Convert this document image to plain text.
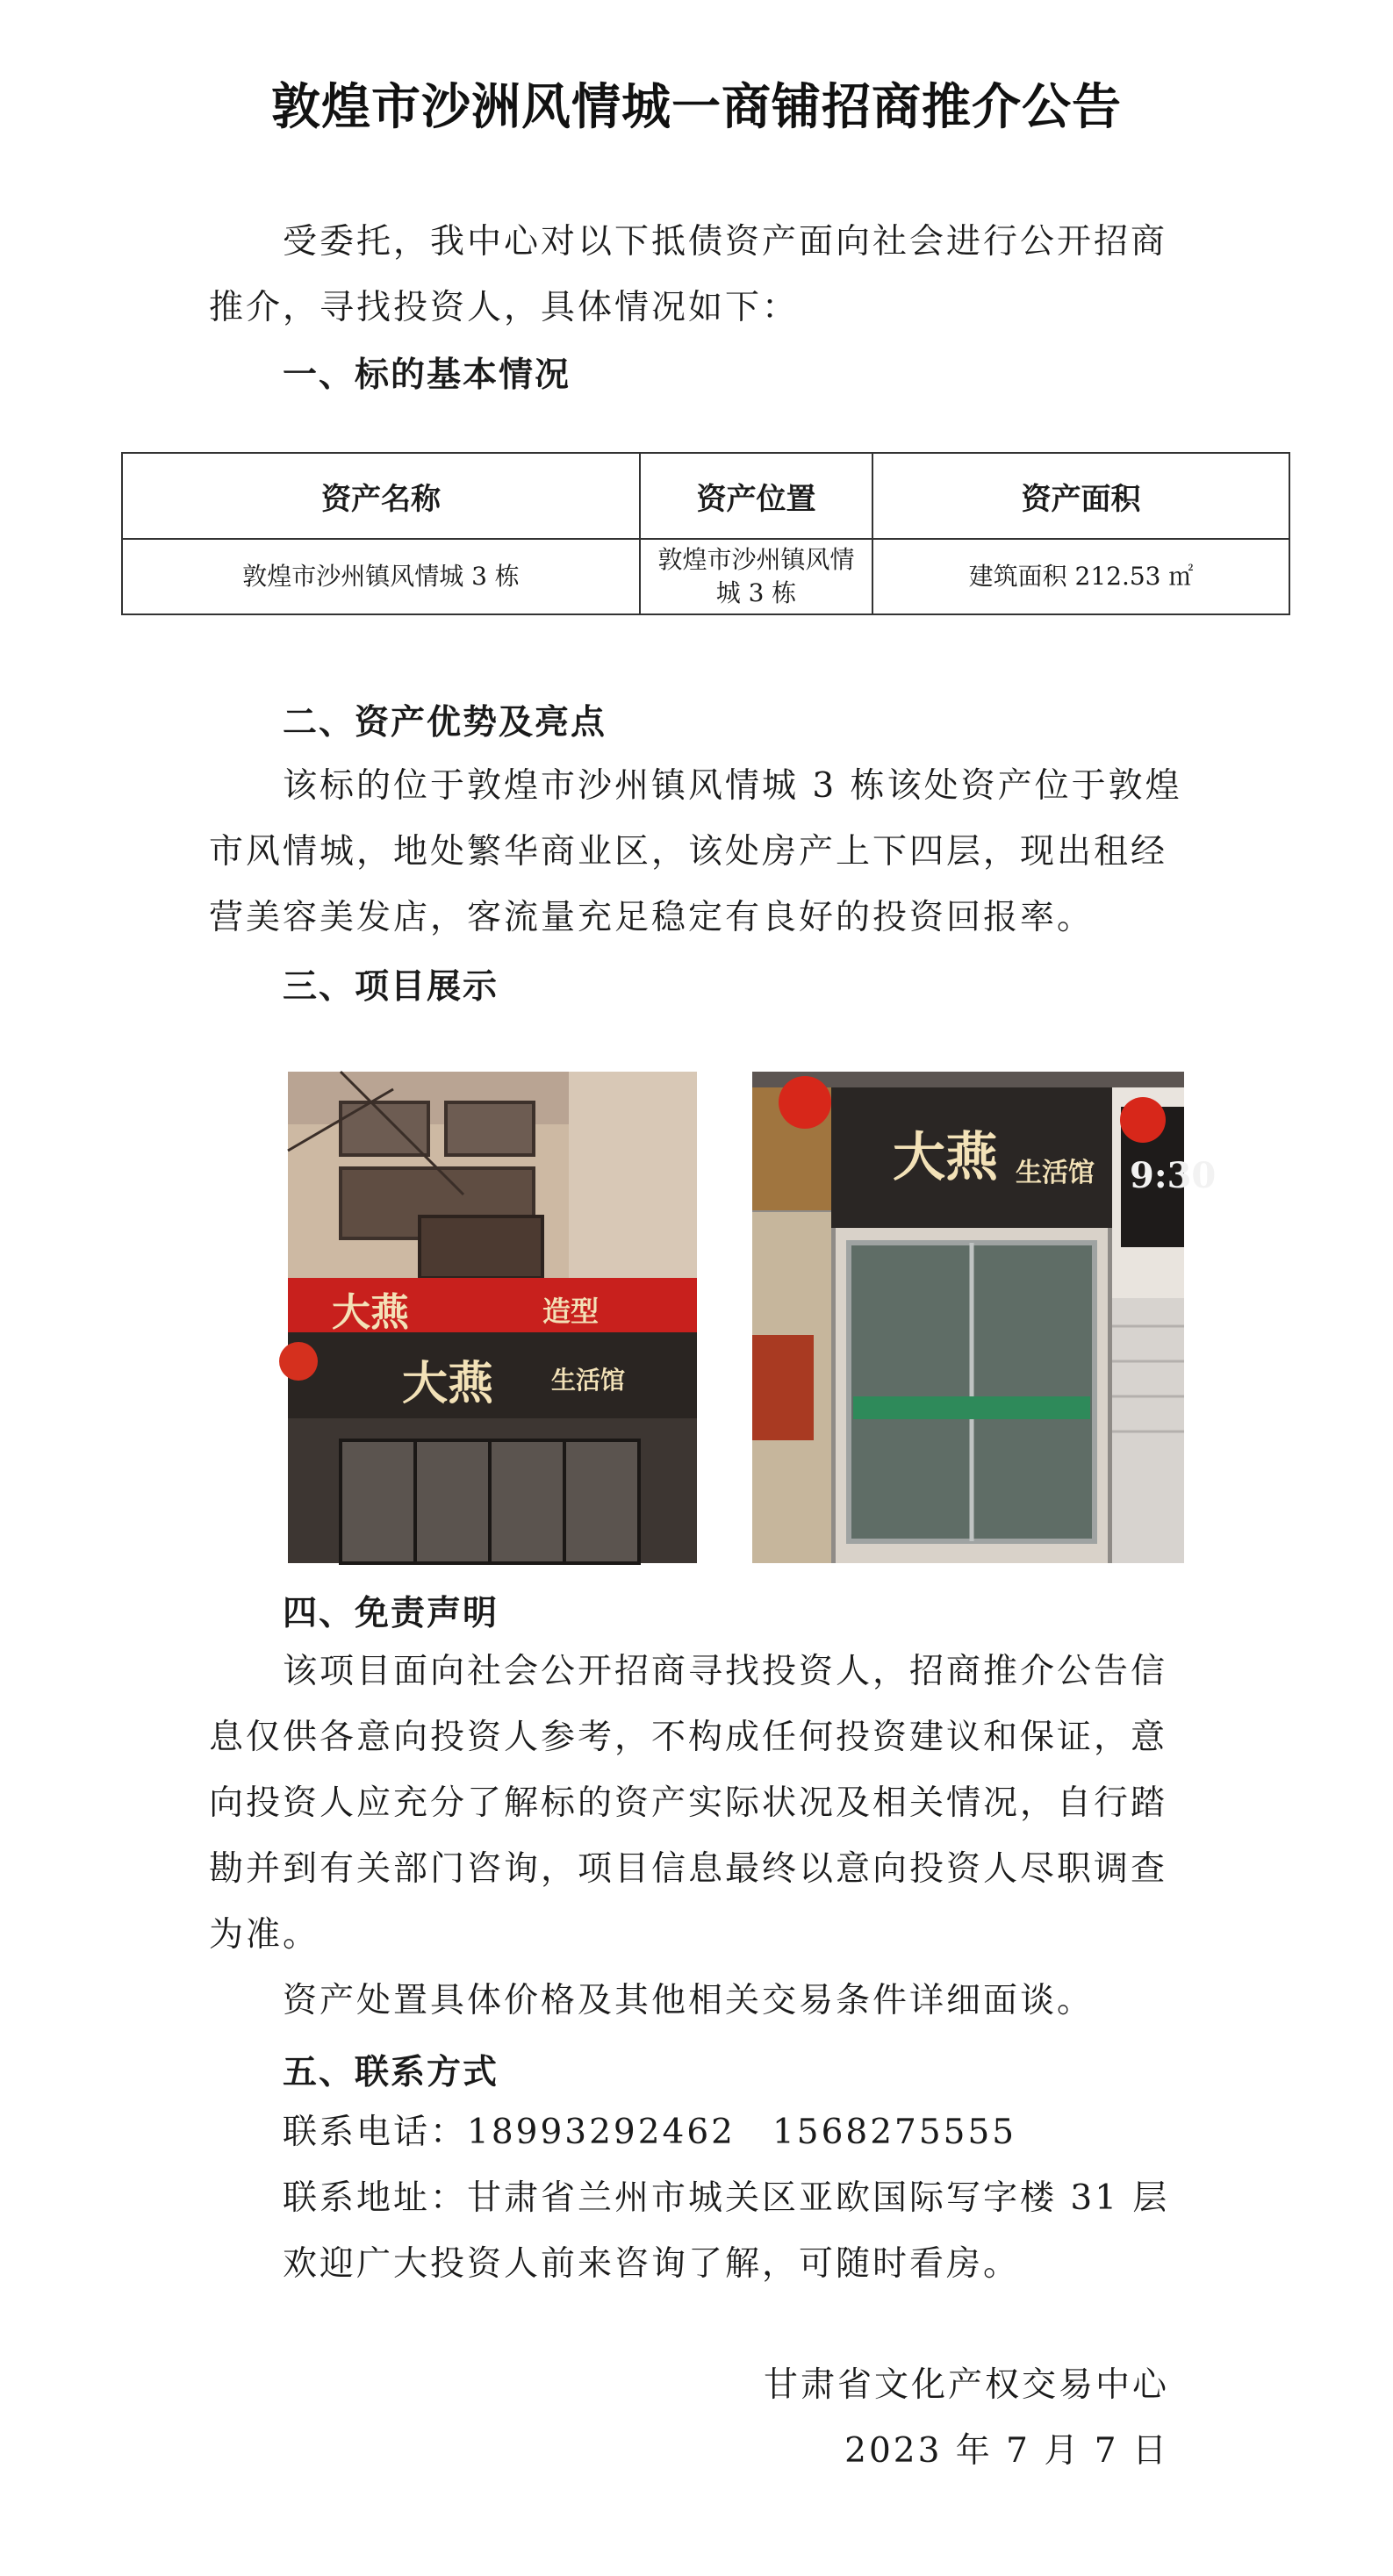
敦煌市沙洲风情城一商铺招商推介公告
受委托，我中心对以下抵债资产面向社会进行公开招商
推介，寻找投资人，具体情况如下：
一、标的基本情况
资产名称	资产位置	资产面积
敦煌市沙州镇风情城 3 栋	敦煌市沙州镇风情城 3 栋	建筑面积 212.53 ㎡
二、资产优势及亮点
该标的位于敦煌市沙州镇风情城 3 栋该处资产位于敦煌
市风情城，地处繁华商业区，该处房产上下四层，现出租经
营美容美发店，客流量充足稳定有良好的投资回报率。
三、项目展示
大燕	造型
大燕 生活馆
大燕 生活馆 9:30
四、免责声明
该项目面向社会公开招商寻找投资人，招商推介公告信
息仅供各意向投资人参考，不构成任何投资建议和保证，意
向投资人应充分了解标的资产实际状况及相关情况，自行踏
勘并到有关部门咨询，项目信息最终以意向投资人尽职调查
为准。
资产处置具体价格及其他相关交易条件详细面谈。
五、联系方式
联系电话：18993292462　1568275555
联系地址：甘肃省兰州市城关区亚欧国际写字楼 31 层
欢迎广大投资人前来咨询了解，可随时看房。
甘肃省文化产权交易中心
2023 年 7 月 7 日
